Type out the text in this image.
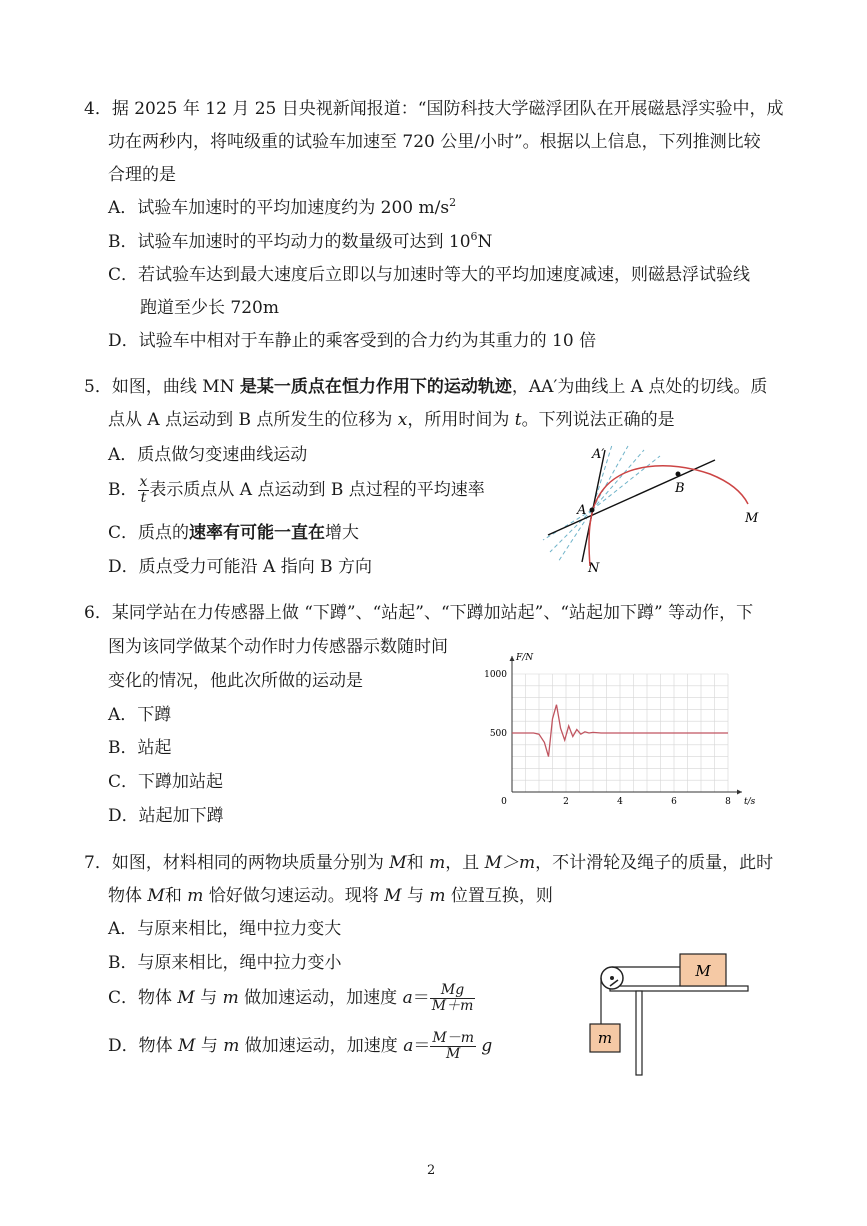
4．据 2025 年 12 月 25 日央视新闻报道：“国防科技大学磁浮团队在开展磁悬浮实验中，成
功在两秒内，将吨级重的试验车加速至 720 公里/小时”。根据以上信息，下列推测比较
合理的是
A．试验车加速时的平均加速度约为 200 $m/s^2$
B．试验车加速时的平均动力的数量级可达到 $10^6N$
C．若试验车达到最大速度后立即以与加速时等大的平均加速度减速，则磁悬浮试验线
跑道至少长 720m
D．试验车中相对于车静止的乘客受到的合力约为其重力的 10 倍
5．如图，曲线 MN 是某一质点在恒力作用下的运动轨迹，AA′为曲线上 A 点处的切线。质
点从 A 点运动到 B 点所发生的位移为 x，所用时间为 t。下列说法正确的是
A．质点做匀变速曲线运动
B． $\frac{x}{t}$ 表示质点从 A 点运动到 B 点过程的平均速率
C．质点的速率有可能一直在增大
D．质点受力可能沿 A 指向 B 方向
A′
A
B
M
N
6．某同学站在力传感器上做 “下蹲”、“站起”、“下蹲加站起”、“站起加下蹲” 等动作，下
图为该同学做某个动作时力传感器示数随时间
变化的情况，他此次所做的运动是
A．下蹲
B．站起
C．下蹲加站起
D．站起加下蹲
0	2	4	6	8
500
1000
F/N
t/s
7．如图，材料相同的两物块质量分别为 M和 m，且 M＞m，不计滑轮及绳子的质量，此时
物体 M和 m 恰好做匀速运动。现将 M 与 m 位置互换，则
A．与原来相比，绳中拉力变大
B．与原来相比，绳中拉力变小
C．物体 M 与 m 做加速运动，加速度 $a= \frac{Mg}{M+m}$
D．物体 M 与 m 做加速运动，加速度 $a= \frac{M-m}{M}$ g
M
m
2
